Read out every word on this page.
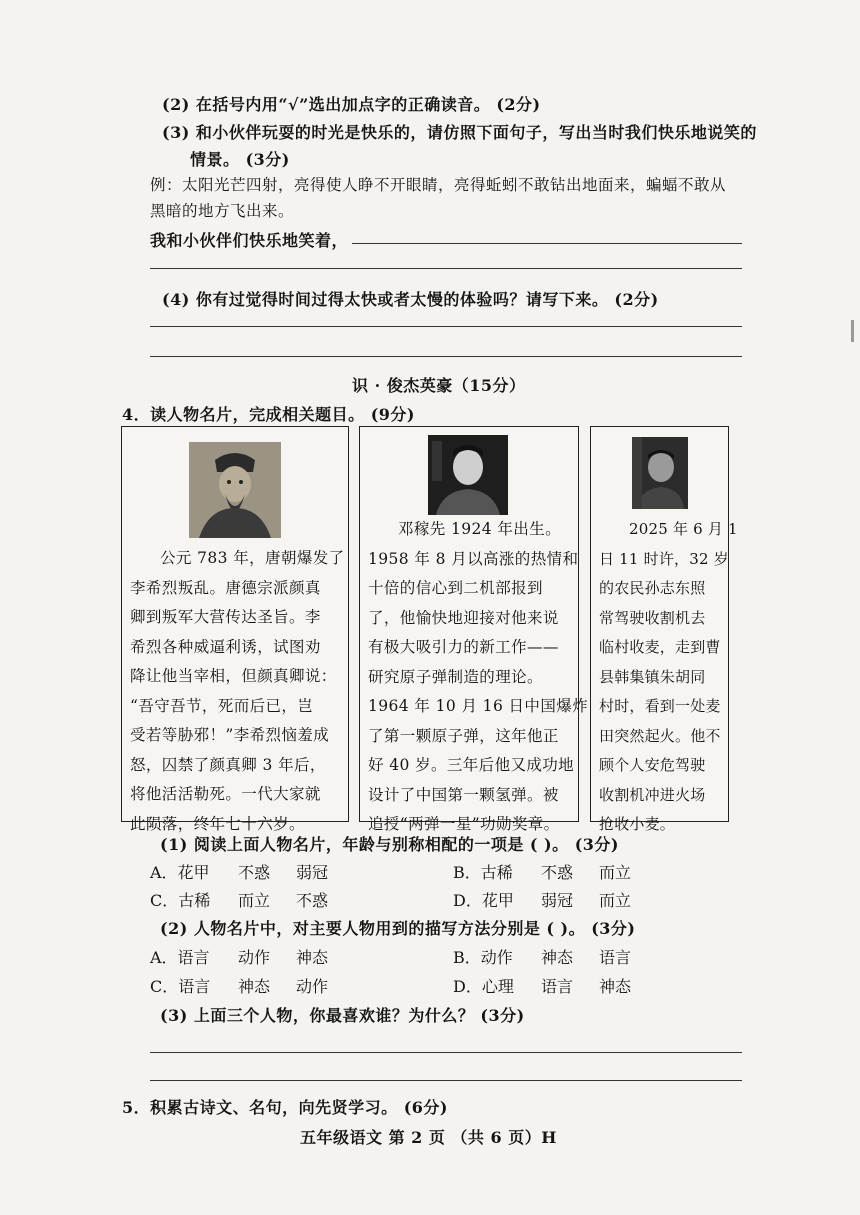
(2) 在括号内用“√”选出加点字的正确读音。 (2分)
(3) 和小伙伴玩耍的时光是快乐的，请仿照下面句子，写出当时我们快乐地说笑的
情景。 (3分)
例：太阳光芒四射，亮得使人睁不开眼睛，亮得蚯蚓不敢钻出地面来，蝙蝠不敢从
黑暗的地方飞出来。
我和小伙伴们快乐地笑着，
(4) 你有过觉得时间过得太快或者太慢的体验吗？请写下来。 (2分)
识 · 俊杰英豪（15分）
4．读人物名片，完成相关题目。 (9分)
公元 783 年，唐朝爆发了
李希烈叛乱。唐德宗派颜真
卿到叛军大营传达圣旨。李
希烈各种威逼利诱，试图劝
降让他当宰相，但颜真卿说：
“吾守吾节，死而后已，岂
受若等胁邪！”李希烈恼羞成
怒，囚禁了颜真卿 3 年后，
将他活活勒死。一代大家就
此陨落，终年七十六岁。
邓稼先 1924 年出生。
1958 年 8 月以高涨的热情和
十倍的信心到二机部报到
了，他愉快地迎接对他来说
有极大吸引力的新工作——
研究原子弹制造的理论。
1964 年 10 月 16 日中国爆炸
了第一颗原子弹，这年他正
好 40 岁。三年后他又成功地
设计了中国第一颗氢弹。被
追授“两弹一星”功勋奖章。
2025 年 6 月 1
日 11 时许，32 岁
的农民孙志东照
常驾驶收割机去
临村收麦，走到曹
县韩集镇朱胡同
村时，看到一处麦
田突然起火。他不
顾个人安危驾驶
收割机冲进火场
抢收小麦。
(1) 阅读上面人物名片，年龄与别称相配的一项是 ( )。 (3分)
A．花甲 不惑 弱冠	B．古稀 不惑 而立
C．古稀 而立 不惑	D．花甲 弱冠 而立
(2) 人物名片中，对主要人物用到的描写方法分别是 ( )。 (3分)
A．语言 动作 神态	B．动作 神态 语言
C．语言 神态 动作	D．心理 语言 神态
(3) 上面三个人物，你最喜欢谁？为什么？ (3分)
5．积累古诗文、名句，向先贤学习。 (6分)
五年级语文 第 2 页 （共 6 页）H
